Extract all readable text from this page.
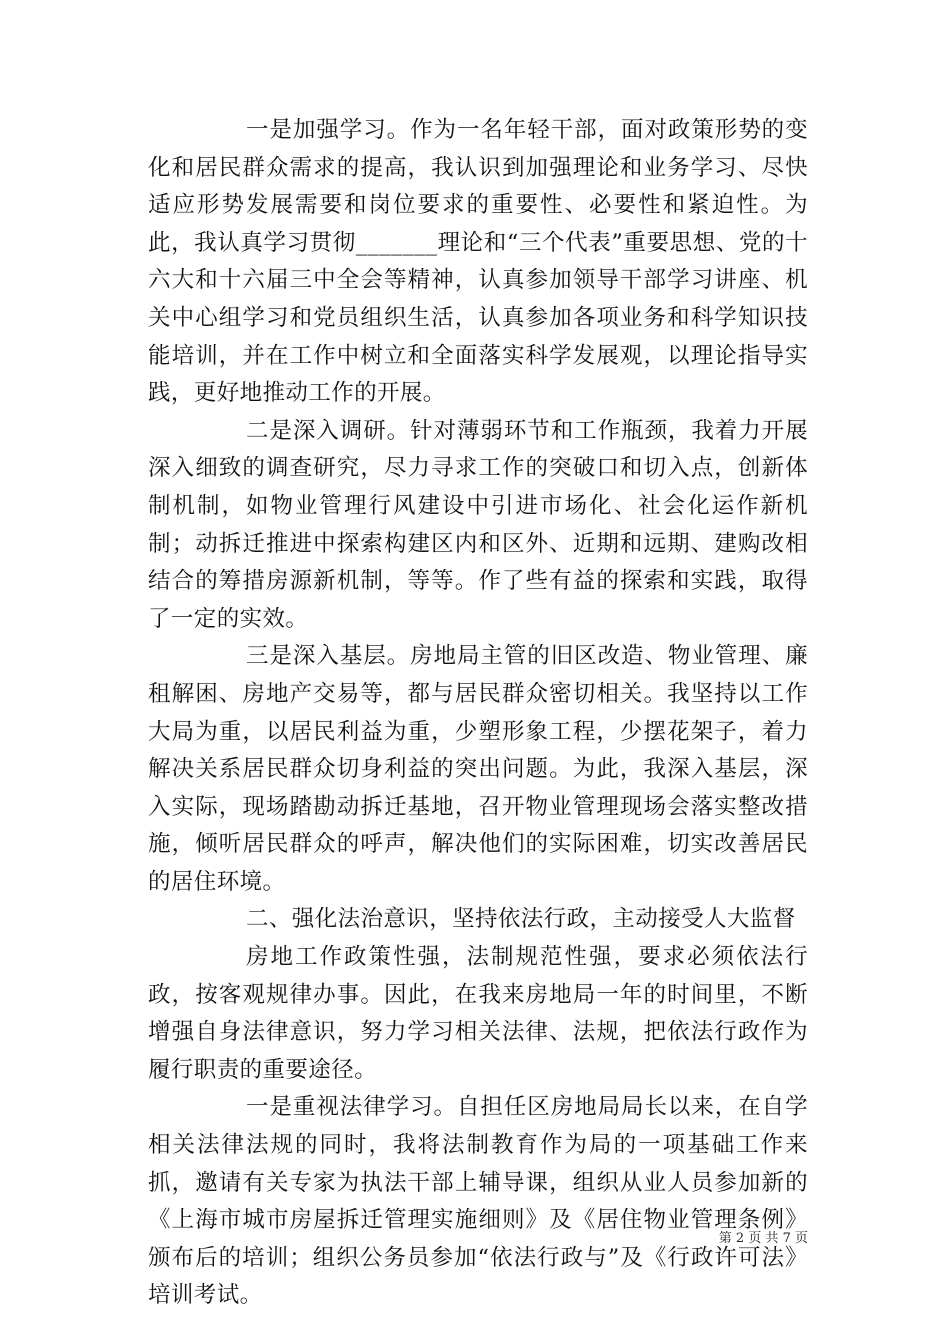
一是加强学习。作为一名年轻干部，面对政策形势的变化和居民群众需求的提高，我认识到加强理论和业务学习、尽快适应形势发展需要和岗位要求的重要性、必要性和紧迫性。为此，我认真学习贯彻_______理论和“三个代表”重要思想、党的十六大和十六届三中全会等精神，认真参加领导干部学习讲座、机关中心组学习和党员组织生活，认真参加各项业务和科学知识技能培训，并在工作中树立和全面落实科学发展观，以理论指导实践，更好地推动工作的开展。

二是深入调研。针对薄弱环节和工作瓶颈，我着力开展深入细致的调查研究，尽力寻求工作的突破口和切入点，创新体制机制，如物业管理行风建设中引进市场化、社会化运作新机制；动拆迁推进中探索构建区内和区外、近期和远期、建购改相结合的筹措房源新机制，等等。作了些有益的探索和实践，取得了一定的实效。

三是深入基层。房地局主管的旧区改造、物业管理、廉租解困、房地产交易等，都与居民群众密切相关。我坚持以工作大局为重，以居民利益为重，少塑形象工程，少摆花架子，着力解决关系居民群众切身利益的突出问题。为此，我深入基层，深入实际，现场踏勘动拆迁基地，召开物业管理现场会落实整改措施，倾听居民群众的呼声，解决他们的实际困难，切实改善居民的居住环境。

二、强化法治意识，坚持依法行政，主动接受人大监督

房地工作政策性强，法制规范性强，要求必须依法行政，按客观规律办事。因此，在我来房地局一年的时间里，不断增强自身法律意识，努力学习相关法律、法规，把依法行政作为履行职责的重要途径。

一是重视法律学习。自担任区房地局局长以来，在自学相关法律法规的同时，我将法制教育作为局的一项基础工作来抓，邀请有关专家为执法干部上辅导课，组织从业人员参加新的《上海市城市房屋拆迁管理实施细则》及《居住物业管理条例》颁布后的培训；组织公务员参加“依法行政与”及《行政许可法》培训考试。

第 2 页 共 7 页
